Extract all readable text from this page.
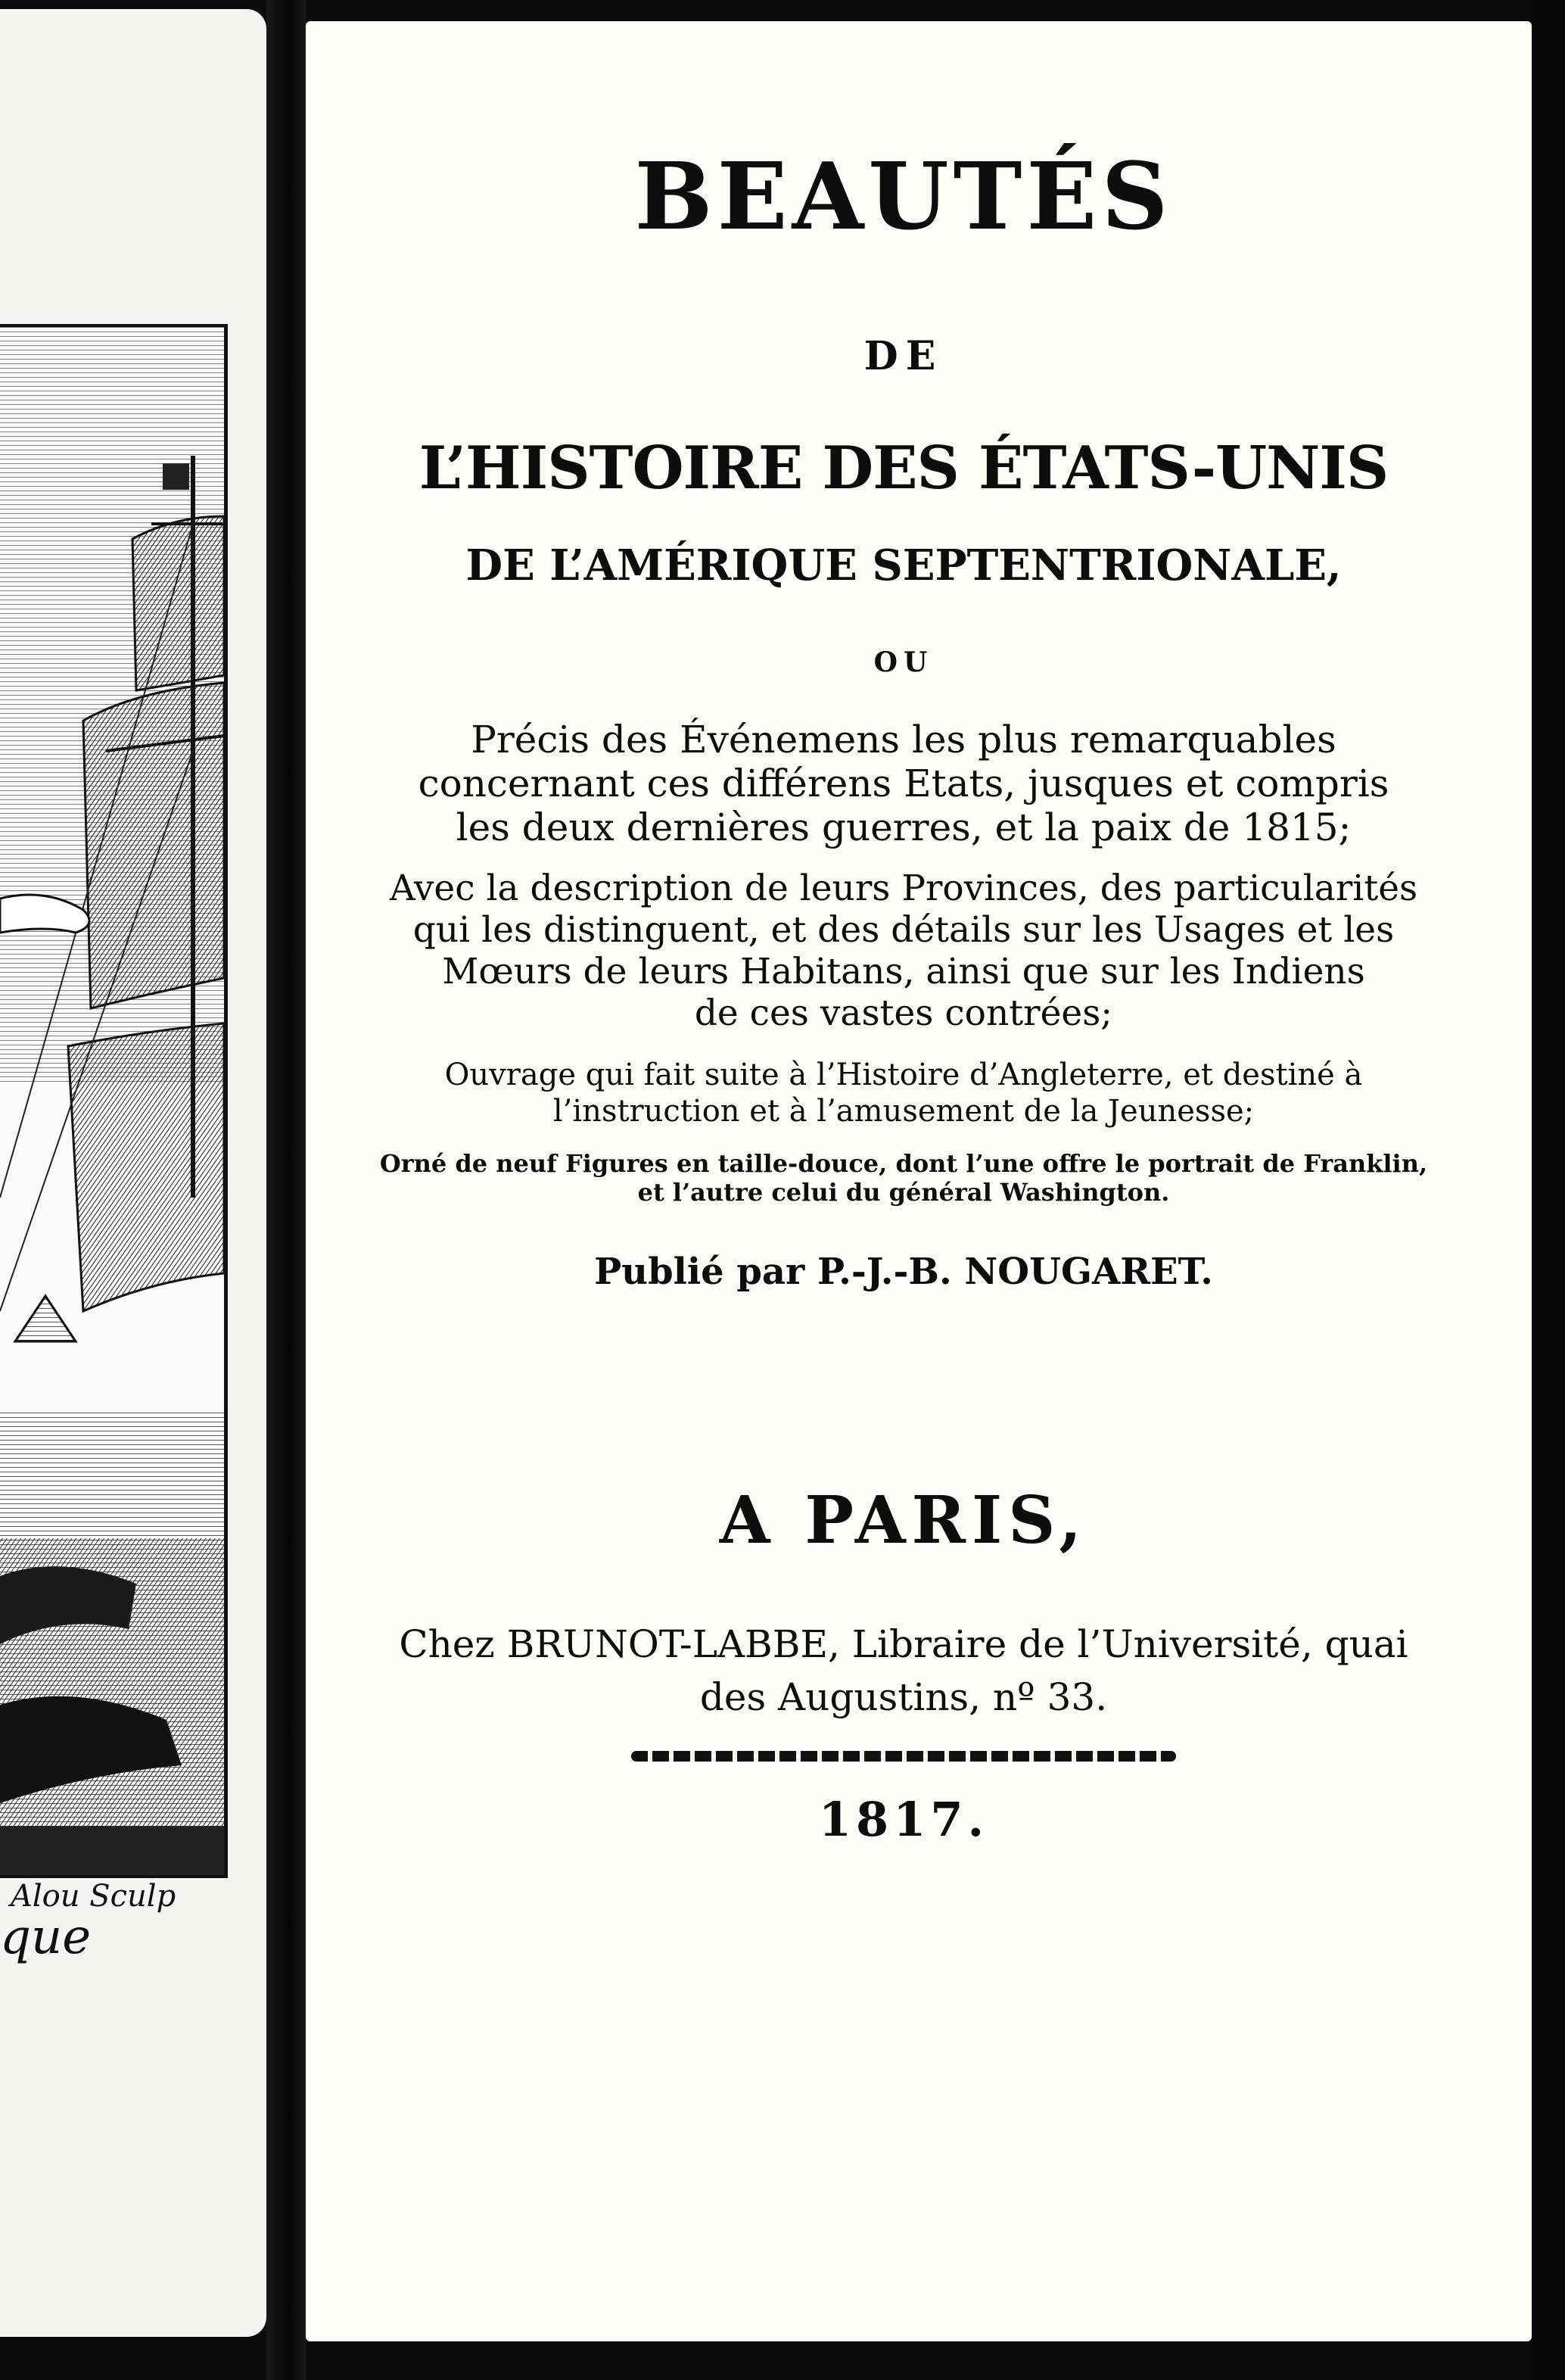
Alou Sculp
que

BEAUTÉS

DE

L’HISTOIRE DES ÉTATS-UNIS

DE L’AMÉRIQUE SEPTENTRIONALE,

OU

Précis des Événemens les plus remarquables
concernant ces différens Etats, jusques et compris
les deux dernières guerres, et la paix de 1815;

Avec la description de leurs Provinces, des particularités
qui les distinguent, et des détails sur les Usages et les
Mœurs de leurs Habitans, ainsi que sur les Indiens
de ces vastes contrées;

Ouvrage qui fait suite à l’Histoire d’Angleterre, et destiné à
l’instruction et à l’amusement de la Jeunesse;

Orné de neuf Figures en taille-douce, dont l’une offre le portrait de Franklin,
et l’autre celui du général Washington.

Publié par P.-J.-B. NOUGARET.

A PARIS,

Chez BRUNOT-LABBE, Libraire de l’Université, quai
des Augustins, nº 33.

1817.
